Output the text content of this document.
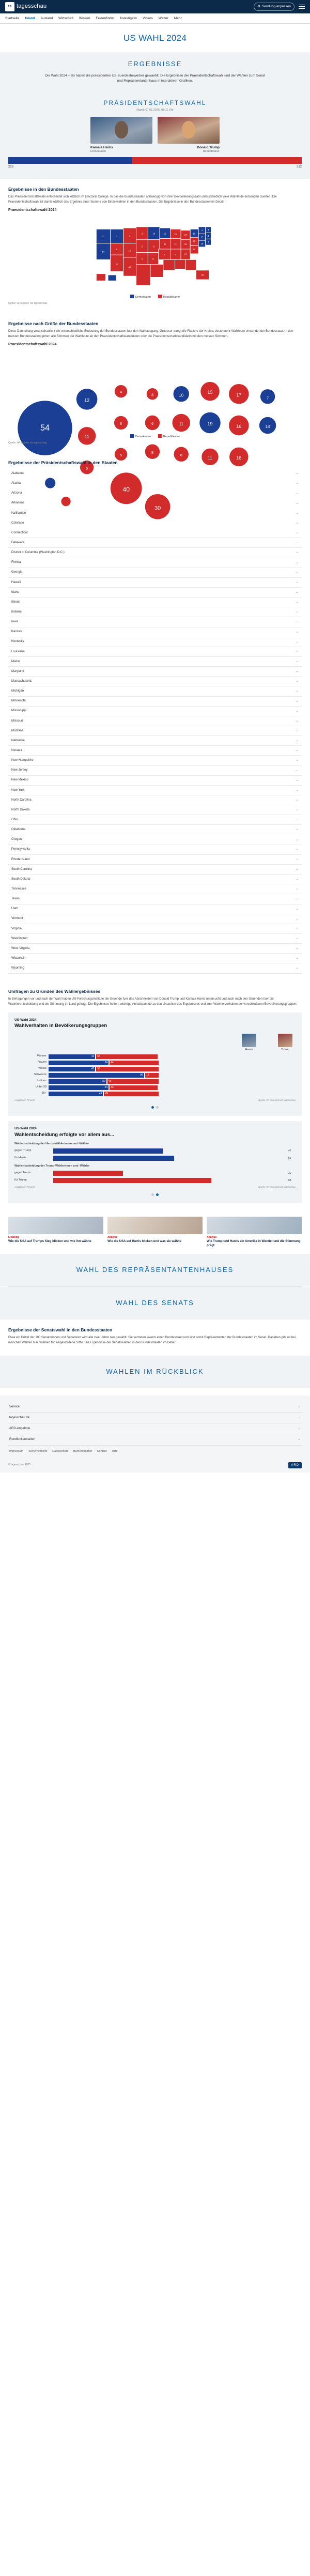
ts tagesschau	⚙ Sendung anpassen
Startseite Inland Ausland Wirtschaft Wissen Faktenfinder Investigativ Videos Wetter Mehr
US WAHL 2024
ERGEBNISSE
Die Wahl 2024 – So haben die praesidenten US-Buerdesbewerber gewaehlt: Die Ergebnisse der Praesidentschaftswahl und der Wahlen zum Senat und Repraesentantenhaus in interaktiven Grafiken.
PRÄSIDENTSCHAFTSWAHL
Stand: 07.01.2025, 08:11 Uhr
Kamala Harris
Demokraten
Donald Trump
Republikaner
226	312
Ergebnisse in den Bundesstaaten
Das Praesidentschaftswahl entscheidet sich letztlich im Electoral College. In das die Bundesstaaten abhaengig von ihrer Bevoelkerungszahl unterschiedlich viele Wahlleute entsenden duerfen. Die Praesidentschaftswahl ist damit letztlich das Ergebnis einer Summe von Einzelwahlen in den Bundesstaaten. Die Ergebnisse in den Bundesstaaten im Detail:
Praesidentschaftswahl 2024
11
54
4
6
11
4
10
40
3
5
6
10
6
8
10
11
8
15
11
9
17
16
16
19
15
16
4
7
14
3
3
4
30
Demokraten	Republikaner
Quelle: AP/Edison via tagesschau
Ergebnisse nach Größe der Bundesstaaten
Diese Darstellung veranschaulicht die unterschiedliche Bedeutung der Bundesstaaten fuer den Wahlausgang. Groesser traegt die Flaeche der Kreise, desto mehr Wahlleute entsendet der Bundesstaat. In den meisten Bundesstaaten gehen alle Stimmen der Wahlleute an den Praesidentschaftskandidaten oder die Praesidentschaftskandidatin mit den meisten Stimmen.
Praesidentschaftswahl 2024
54
12
11
6
4
6
5
40
3
6
8
10
11
8
15
19
11
17
16
16
7
14
30
Demokraten	Republikaner
Quelle: AP/Edison via tagesschau
Ergebnisse der Präsidentschaftswahl in den Staaten
Alabama	⌄
Alaska	⌄
Arizona	⌄
Arkansas	⌄
Kalifornien	⌄
Colorado	⌄
Connecticut	⌄
Delaware	⌄
District of Columbia (Washington D.C.)	⌄
Florida	⌄
Georgia	⌄
Hawaii	⌄
Idaho	⌄
Illinois	⌄
Indiana	⌄
Iowa	⌄
Kansas	⌄
Kentucky	⌄
Louisiana	⌄
Maine	⌄
Maryland	⌄
Massachusetts	⌄
Michigan	⌄
Minnesota	⌄
Mississippi	⌄
Missouri	⌄
Montana	⌄
Nebraska	⌄
Nevada	⌄
New Hampshire	⌄
New Jersey	⌄
New Mexico	⌄
New York	⌄
North Carolina	⌄
North Dakota	⌄
Ohio	⌄
Oklahoma	⌄
Oregon	⌄
Pennsylvania	⌄
Rhode Island	⌄
South Carolina	⌄
South Dakota	⌄
Tennessee	⌄
Texas	⌄
Utah	⌄
Vermont	⌄
Virginia	⌄
Washington	⌄
West Virginia	⌄
Wisconsin	⌄
Wyoming	⌄
Umfragen zu Gründen des Wahlergebnisses
In Befragungen vor und nach der Wahl haben US-Forschungsinstitute die Gruende fuer das Abschneiden von Donald Trump und Kamala Harris untersucht und auch nach den Gruenden fuer die Waehlerentscheidung und die Stimmung im Land gefragt. Die Ergebnisse helfen, wichtige Anhaltspunkte zu den Ursachen des Ergebnisses und zum Waehlerverhalten bei verschiedenen Bevoelkerungsgruppen.
US-Wahl 2024
Wahlverhalten in Bevölkerungsgruppen
Harris	Trump
Männer	42	55
Frauen	54	44
Weiße	42	56
Schwarze	86	12
Latinos	52	46
Unter 30	54	43
65+	49	49
Angaben in Prozent	Quelle: AP VoteCast via tagesschau
US-Wahl 2024
Wahlentscheidung erfolgte vor allem aus...
Wahlentscheidung der Harris-Wählerinnen und -Wähler
gegen Trump	47
für Harris	52
Wahlentscheidung der Trump-Wählerinnen und -Wähler
gegen Harris	30
für Trump	68
Angaben in Prozent	Quelle: AP VoteCast via tagesschau
Liveblog
Wie die USA auf Trumps Sieg blicken und wie ihn wählte
Analyse
Wie die USA auf Harris blicken und was sie wählte
Analyse
Wie Trump und Harris ein Amerika in Wandel und die Stimmung prägt
WAHL DES REPRÄSENTANTENHAUSES
WAHL DES SENATS
Ergebnisse der Senatswahl in den Bundesstaaten
Etwa ein Drittel der 100 Senatorinnen und Senatoren wird alle zwei Jahre neu gewählt. Sie vertreten jeweils einen Bundesstaat und sind somit Repräsentanten der Bundesstaaten im Senat. Daneben gibt es bei manchen Wahlen Nachwahlen für freigewordene Sitze. Die Ergebnisse der Senatswahlen in den Bundesstaaten im Detail:
WAHLEN IM RÜCKBLICK
Service	⌄
tagesschau.de	⌄
ARD-Angebote	⌄
Rundfunkanstalten	⌄
Impressum Sicherheitsinfo Datenschutz Barrierefreiheit Kontakt Hilfe
© tagesschau 2025	ARD
